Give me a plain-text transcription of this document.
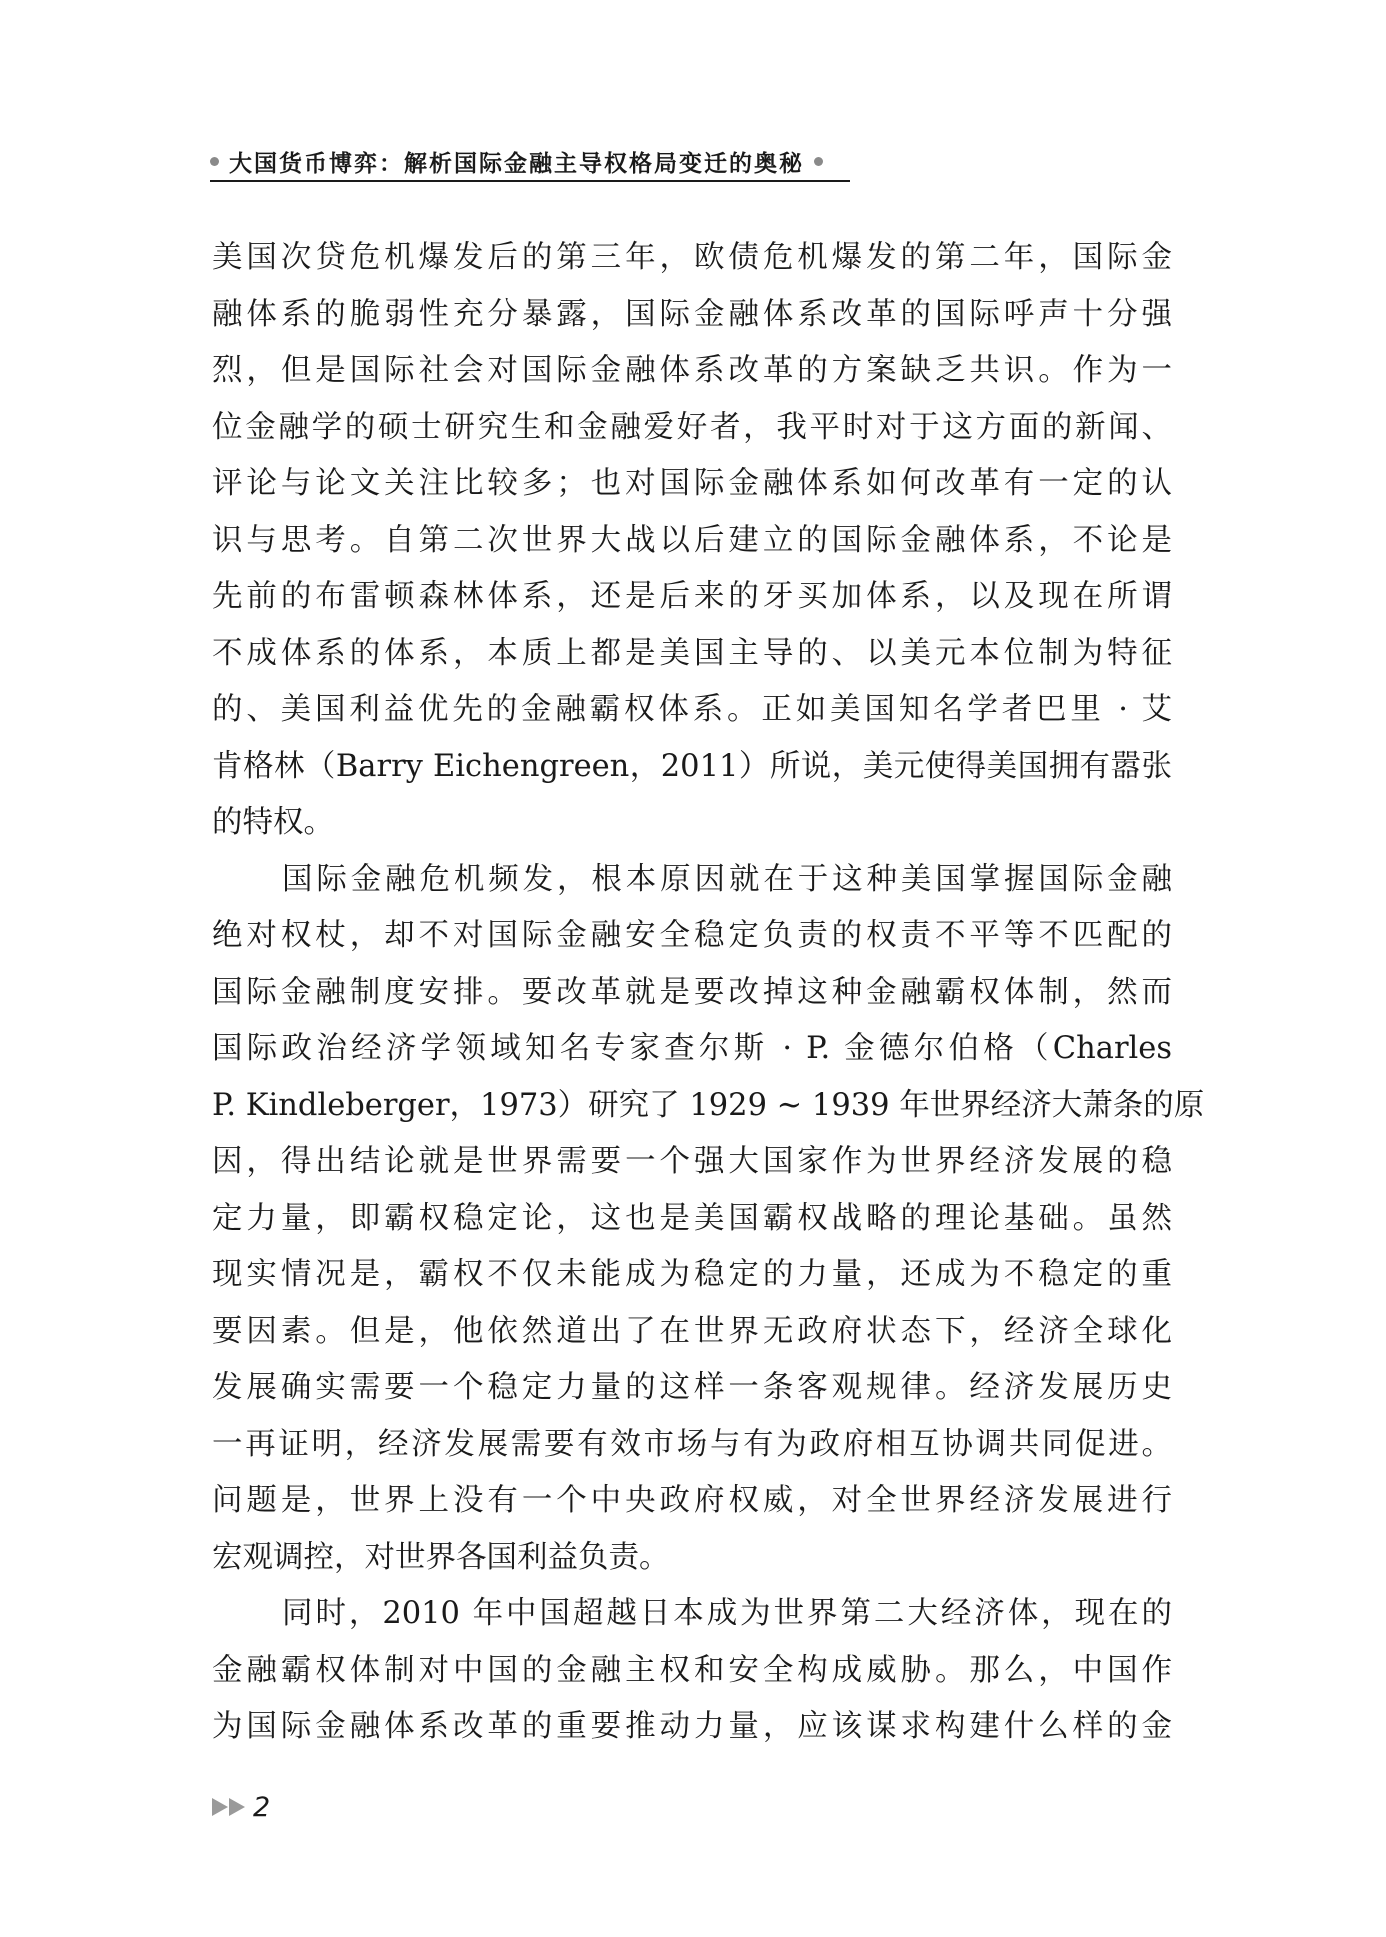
大国货币博弈：解析国际金融主导权格局变迁的奥秘
美国次贷危机爆发后的第三年，欧债危机爆发的第二年，国际金
融体系的脆弱性充分暴露，国际金融体系改革的国际呼声十分强
烈，但是国际社会对国际金融体系改革的方案缺乏共识。作为一
位金融学的硕士研究生和金融爱好者，我平时对于这方面的新闻、
评论与论文关注比较多；也对国际金融体系如何改革有一定的认
识与思考。自第二次世界大战以后建立的国际金融体系，不论是
先前的布雷顿森林体系，还是后来的牙买加体系，以及现在所谓
不成体系的体系，本质上都是美国主导的、以美元本位制为特征
的、美国利益优先的金融霸权体系。正如美国知名学者巴里 · 艾
肯格林（Barry Eichengreen，2011）所说，美元使得美国拥有嚣张
的特权。
国际金融危机频发，根本原因就在于这种美国掌握国际金融
绝对权杖，却不对国际金融安全稳定负责的权责不平等不匹配的
国际金融制度安排。要改革就是要改掉这种金融霸权体制，然而
国际政治经济学领域知名专家查尔斯 · P. 金德尔伯格（Charles
P. Kindleberger，1973）研究了 1929 ~ 1939 年世界经济大萧条的原
因，得出结论就是世界需要一个强大国家作为世界经济发展的稳
定力量，即霸权稳定论，这也是美国霸权战略的理论基础。虽然
现实情况是，霸权不仅未能成为稳定的力量，还成为不稳定的重
要因素。但是，他依然道出了在世界无政府状态下，经济全球化
发展确实需要一个稳定力量的这样一条客观规律。经济发展历史
一再证明，经济发展需要有效市场与有为政府相互协调共同促进。
问题是，世界上没有一个中央政府权威，对全世界经济发展进行
宏观调控，对世界各国利益负责。
同时，2010 年中国超越日本成为世界第二大经济体，现在的
金融霸权体制对中国的金融主权和安全构成威胁。那么，中国作
为国际金融体系改革的重要推动力量，应该谋求构建什么样的金
2
